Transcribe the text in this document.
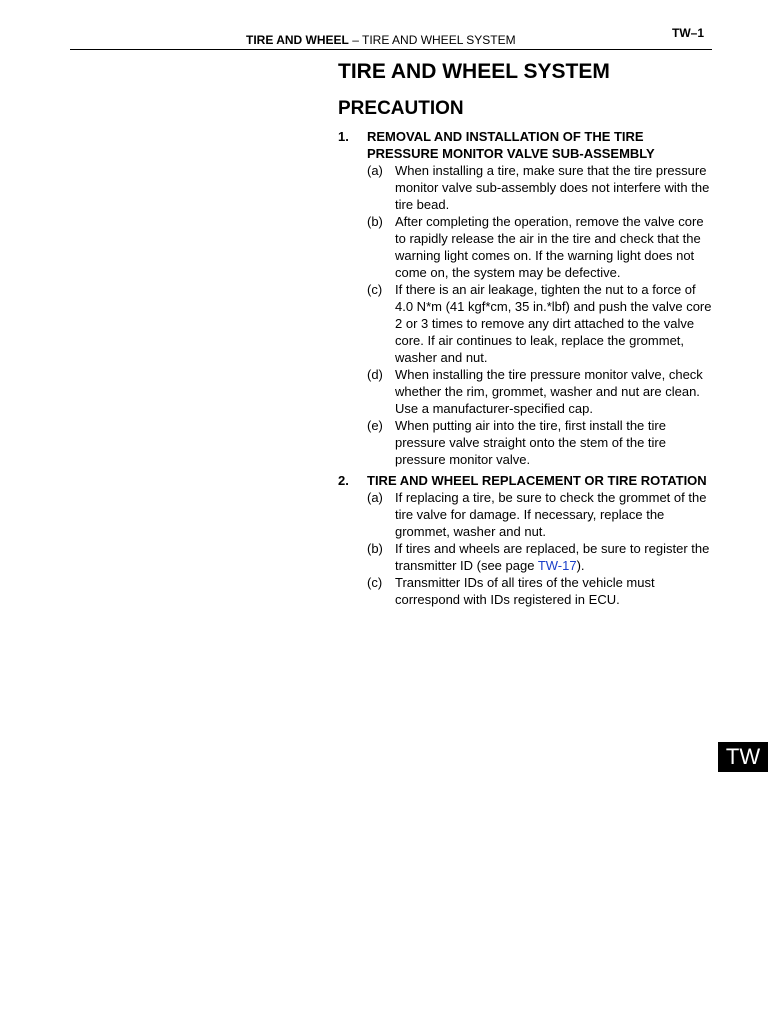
TIRE AND WHEEL – TIRE AND WHEEL SYSTEM	TW–1
TIRE AND WHEEL SYSTEM
PRECAUTION
1.	REMOVAL AND INSTALLATION OF THE TIRE PRESSURE MONITOR VALVE SUB-ASSEMBLY
(a) When installing a tire, make sure that the tire pressure monitor valve sub-assembly does not interfere with the tire bead.
(b) After completing the operation, remove the valve core to rapidly release the air in the tire and check that the warning light comes on. If the warning light does not come on, the system may be defective.
(c) If there is an air leakage, tighten the nut to a force of 4.0 N*m (41 kgf*cm, 35 in.*lbf) and push the valve core 2 or 3 times to remove any dirt attached to the valve core. If air continues to leak, replace the grommet, washer and nut.
(d) When installing the tire pressure monitor valve, check whether the rim, grommet, washer and nut are clean. Use a manufacturer-specified cap.
(e) When putting air into the tire, first install the tire pressure valve straight onto the stem of the tire pressure monitor valve.
2.	TIRE AND WHEEL REPLACEMENT OR TIRE ROTATION
(a) If replacing a tire, be sure to check the grommet of the tire valve for damage. If necessary, replace the grommet, washer and nut.
(b) If tires and wheels are replaced, be sure to register the transmitter ID (see page TW-17).
(c) Transmitter IDs of all tires of the vehicle must correspond with IDs registered in ECU.
TW
